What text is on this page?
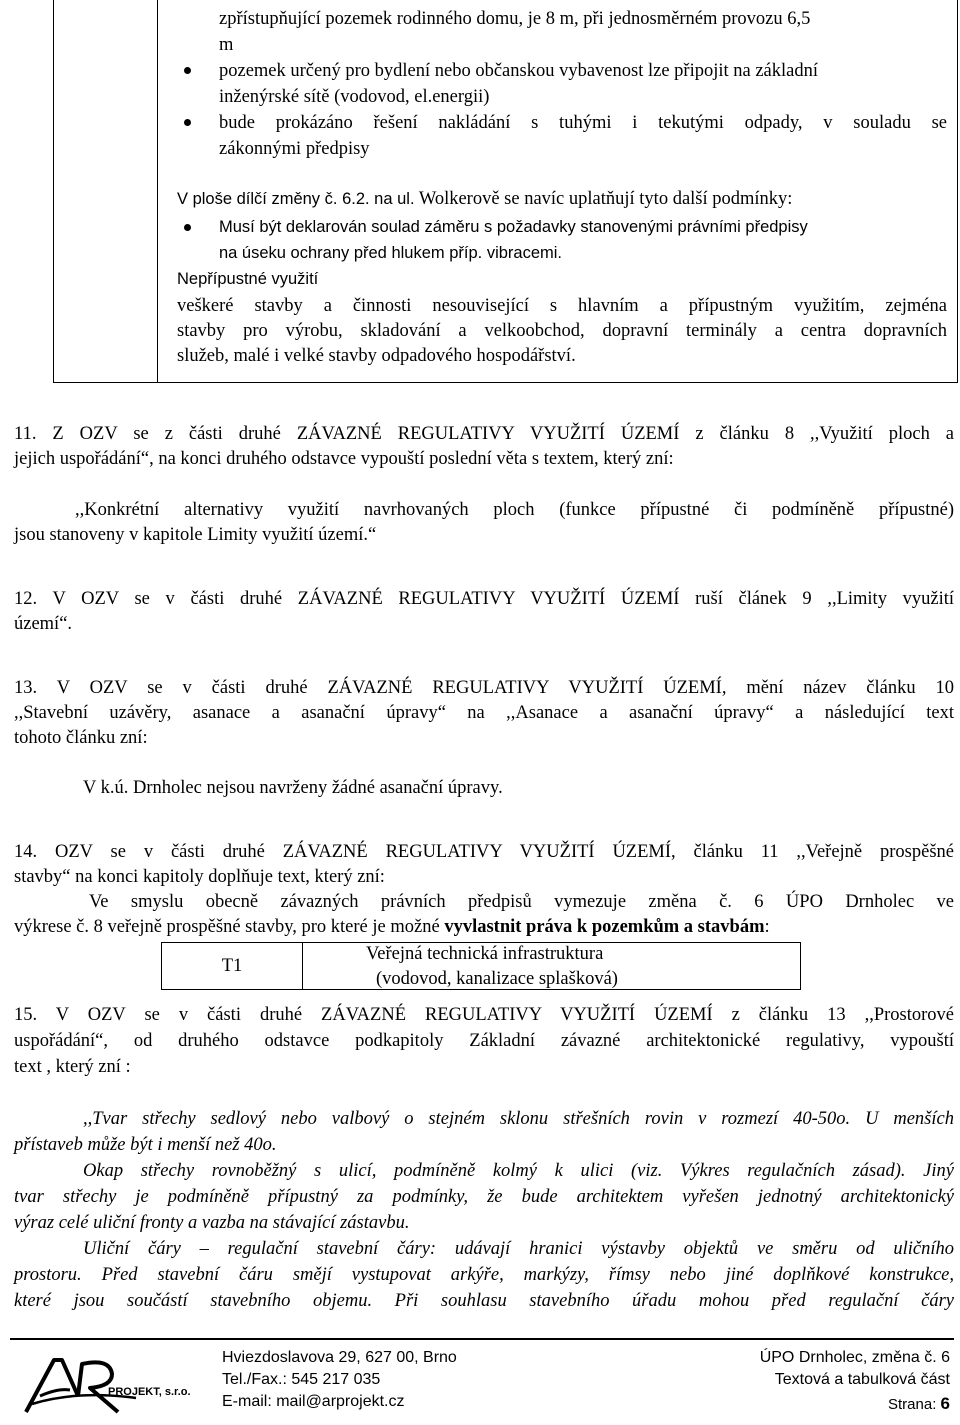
zpřístupňující pozemek rodinného domu, je 8 m, při jednosměrném provozu 6,5
m
pozemek určený pro bydlení nebo občanskou vybavenost lze připojit na základní
inženýrské sítě (vodovod, el.energii)
bude prokázáno řešení nakládání s tuhými i tekutými odpady, v souladu se
zákonnými předpisy
V ploše dílčí změny č. 6.2. na ul. Wolkerově se navíc uplatňují tyto další podmínky:
Musí být deklarován soulad záměru s požadavky stanovenými právními předpisy
na úseku ochrany před hlukem příp. vibracemi.
Nepřípustné využití
veškeré stavby a činnosti nesouvisející s hlavním a přípustným využitím, zejména
stavby pro výrobu, skladování a velkoobchod, dopravní terminály a centra dopravních
služeb, malé i velké stavby odpadového hospodářství.
11. Z OZV se z části druhé ZÁVAZNÉ REGULATIVY VYUŽITÍ ÚZEMÍ z článku 8 ,,Využití ploch a
jejich uspořádání“, na konci druhého odstavce vypouští poslední věta s textem, který zní:
,,Konkrétní alternativy využití navrhovaných ploch (funkce přípustné či podmíněně přípustné)
jsou stanoveny v kapitole Limity využití území.“
12. V OZV se v části druhé ZÁVAZNÉ REGULATIVY VYUŽITÍ ÚZEMÍ ruší článek 9 ,,Limity využití
území“.
13. V OZV se v části druhé ZÁVAZNÉ REGULATIVY VYUŽITÍ ÚZEMÍ, mění název článku 10
,,Stavební uzávěry, asanace a asanační úpravy“ na ,,Asanace a asanační úpravy“ a následující text
tohoto článku zní:
V k.ú. Drnholec nejsou navrženy žádné asanační úpravy.
14. OZV se v části druhé ZÁVAZNÉ REGULATIVY VYUŽITÍ ÚZEMÍ, článku 11 ,,Veřejně prospěšné
stavby“ na konci kapitoly doplňuje text, který zní:
Ve smyslu obecně závazných právních předpisů vymezuje změna č. 6 ÚPO Drnholec ve
výkrese č. 8 veřejně prospěšné stavby, pro které je možné vyvlastnit práva k pozemkům a stavbám:
T1
Veřejná technická infrastruktura
(vodovod, kanalizace splašková)
15. V OZV se v části druhé ZÁVAZNÉ REGULATIVY VYUŽITÍ ÚZEMÍ z článku 13 ,,Prostorové
uspořádání“, od druhého odstavce podkapitoly Základní závazné architektonické regulativy, vypouští
text , který zní :
,,Tvar střechy sedlový nebo valbový o stejném sklonu střešních rovin v rozmezí 40-50o. U menších
přístaveb může být i menší než 40o.
Okap střechy rovnoběžný s ulicí, podmíněně kolmý k ulici (viz. Výkres regulačních zásad). Jiný
tvar střechy je podmíněně přípustný za podmínky, že bude architektem vyřešen jednotný architektonický
výraz celé uliční fronty a vazba na stávající zástavbu.
Uliční čáry – regulační stavební čáry: udávají hranici výstavby objektů ve směru od uličního
prostoru. Před stavební čáru smějí vystupovat arkýře, markýzy, římsy nebo jiné doplňkové konstrukce,
které jsou součástí stavebního objemu. Při souhlasu stavebního úřadu mohou před regulační čáry
PROJEKT, s.r.o.
Hviezdoslavova 29, 627 00, Brno
Tel./Fax.: 545 217 035
E-mail: mail@arprojekt.cz
ÚPO Drnholec, změna č. 6
Textová a tabulková část
Strana: 6
